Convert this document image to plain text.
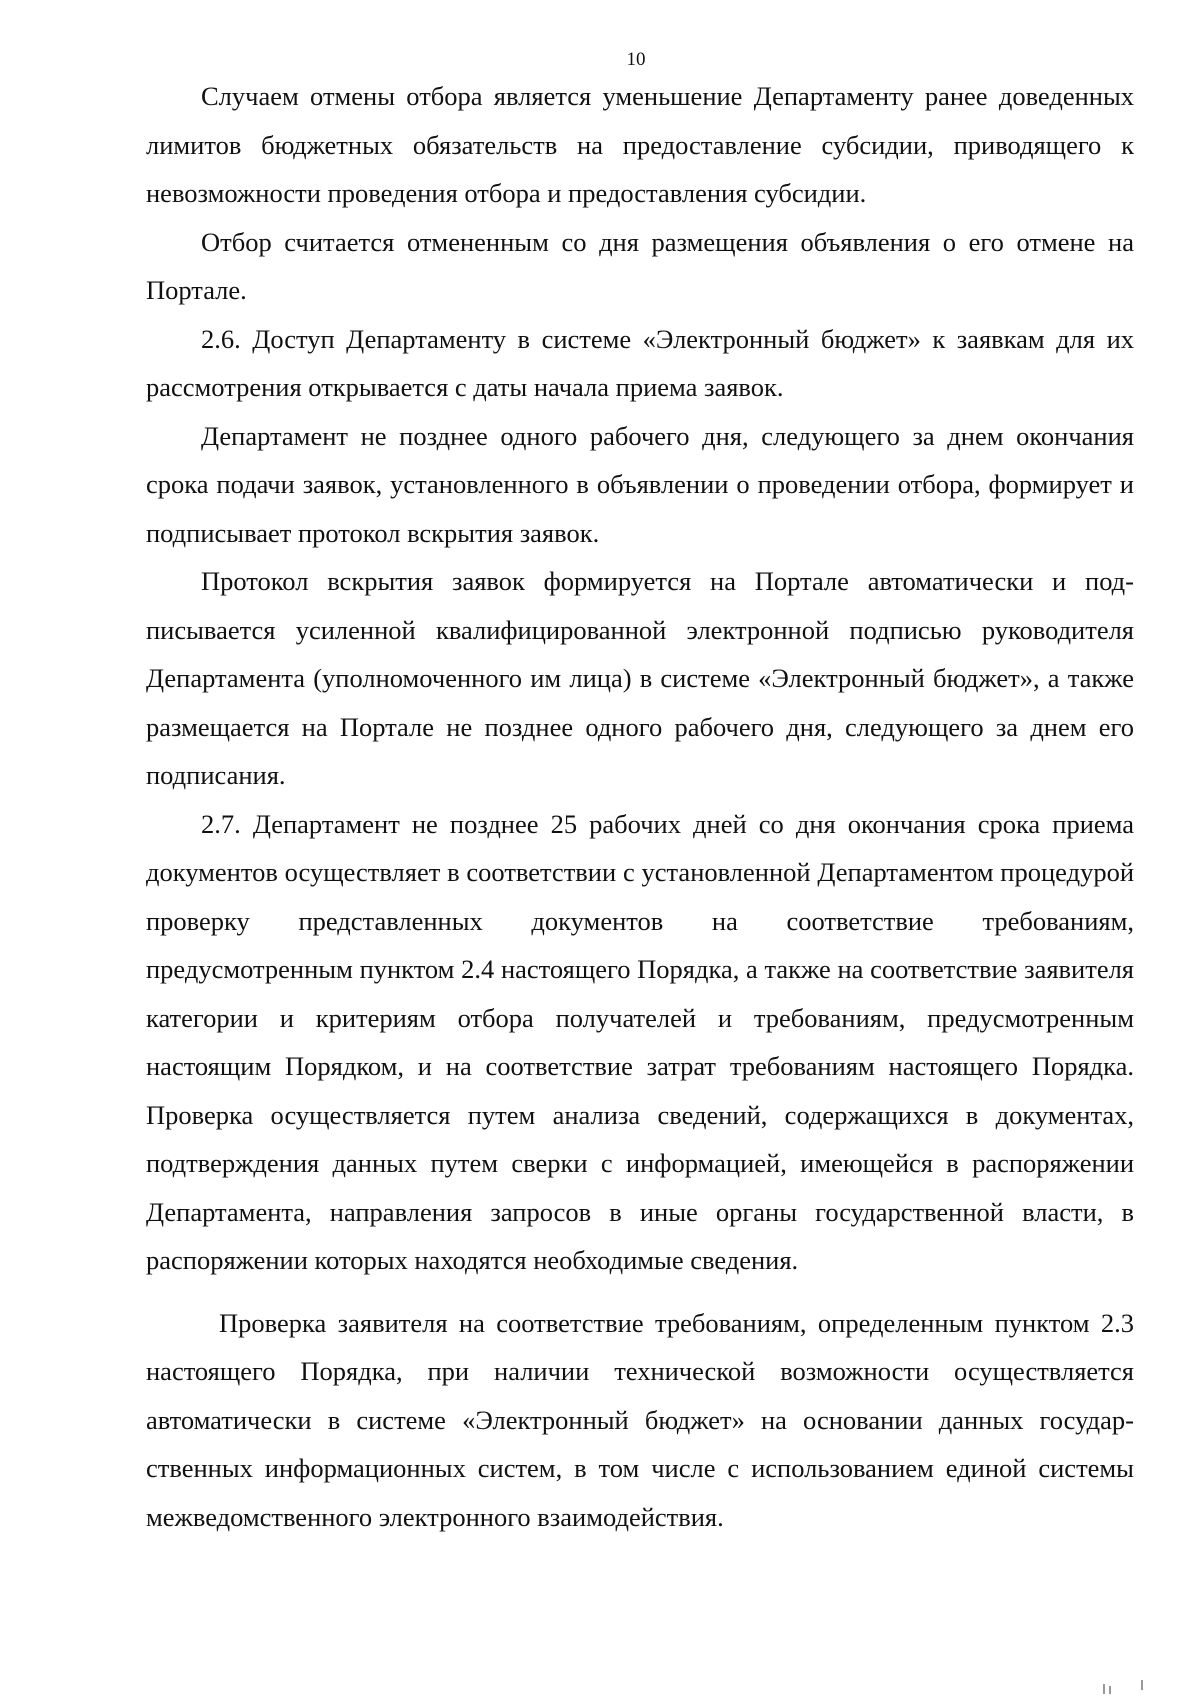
10

Случаем отмены отбора является уменьшение Департаменту ранее доведенных лимитов бюджетных обязательств на предоставление субсидии, приводящего к невозможности проведения отбора и предоставления субсидии.

Отбор считается отмененным со дня размещения объявления о его отмене на Портале.

2.6. Доступ Департаменту в системе «Электронный бюджет» к заявкам для их рассмотрения открывается с даты начала приема заявок.

Департамент не позднее одного рабочего дня, следующего за днем окончания срока подачи заявок, установленного в объявлении о проведении отбора, формирует и подписывает протокол вскрытия заявок.

Протокол вскрытия заявок формируется на Портале автоматически и подписывается усиленной квалифицированной электронной подписью руководителя Департамента (уполномоченного им лица) в системе «Электронный бюджет», а также размещается на Портале не позднее одного рабочего дня, следующего за днем его подписания.

2.7. Департамент не позднее 25 рабочих дней со дня окончания срока приема документов осуществляет в соответствии с установленной Департаментом процедурой проверку представленных документов на соответствие требованиям, предусмотренным пунктом 2.4 настоящего Порядка, а также на соответствие заявителя категории и критериям отбора получателей и требованиям, предусмотренным настоящим Порядком, и на соответствие затрат требованиям настоящего Порядка. Проверка осуществляется путем анализа сведений, содержащихся в документах, подтверждения данных путем сверки с информацией, имеющейся в распоряжении Департамента, направления запросов в иные органы государственной власти, в распоряжении которых находятся необходимые сведения.

Проверка заявителя на соответствие требованиям, определенным пунктом 2.3 настоящего Порядка, при наличии технической возможности осуществляется автоматически в системе «Электронный бюджет» на основании данных государственных информационных систем, в том числе с использованием единой системы межведомственного электронного взаимодействия.
